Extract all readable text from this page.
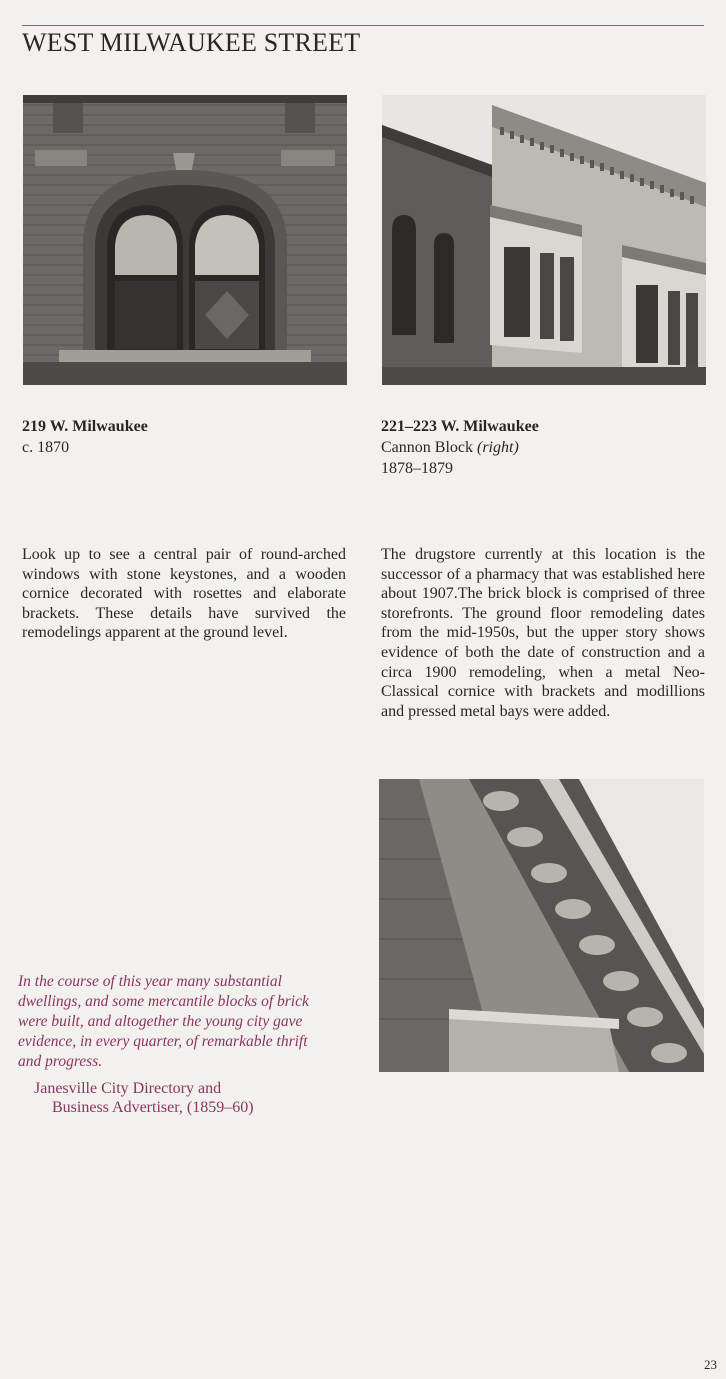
WEST MILWAUKEE STREET
219 W. Milwaukee
c. 1870
221–223 W. Milwaukee
Cannon Block (right)
1878–1879
Look up to see a central pair of round-arched windows with stone keystones, and a wooden cornice decorated with rosettes and elaborate brackets. These details have survived the remodelings apparent at the ground level.
The drugstore currently at this location is the successor of a pharmacy that was established here about 1907.The brick block is comprised of three storefronts. The ground floor remodeling dates from the mid-1950s, but the upper story shows evidence of both the date of construction and a circa 1900 remodeling, when a metal Neo-Classical cornice with brackets and modillions and pressed metal bays were added.
In the course of this year many substantial dwellings, and some mercantile blocks of brick were built, and altogether the young city gave evidence, in every quarter, of remarkable thrift and progress.
Janesville City Directory and
Business Advertiser, (1859–60)
23
